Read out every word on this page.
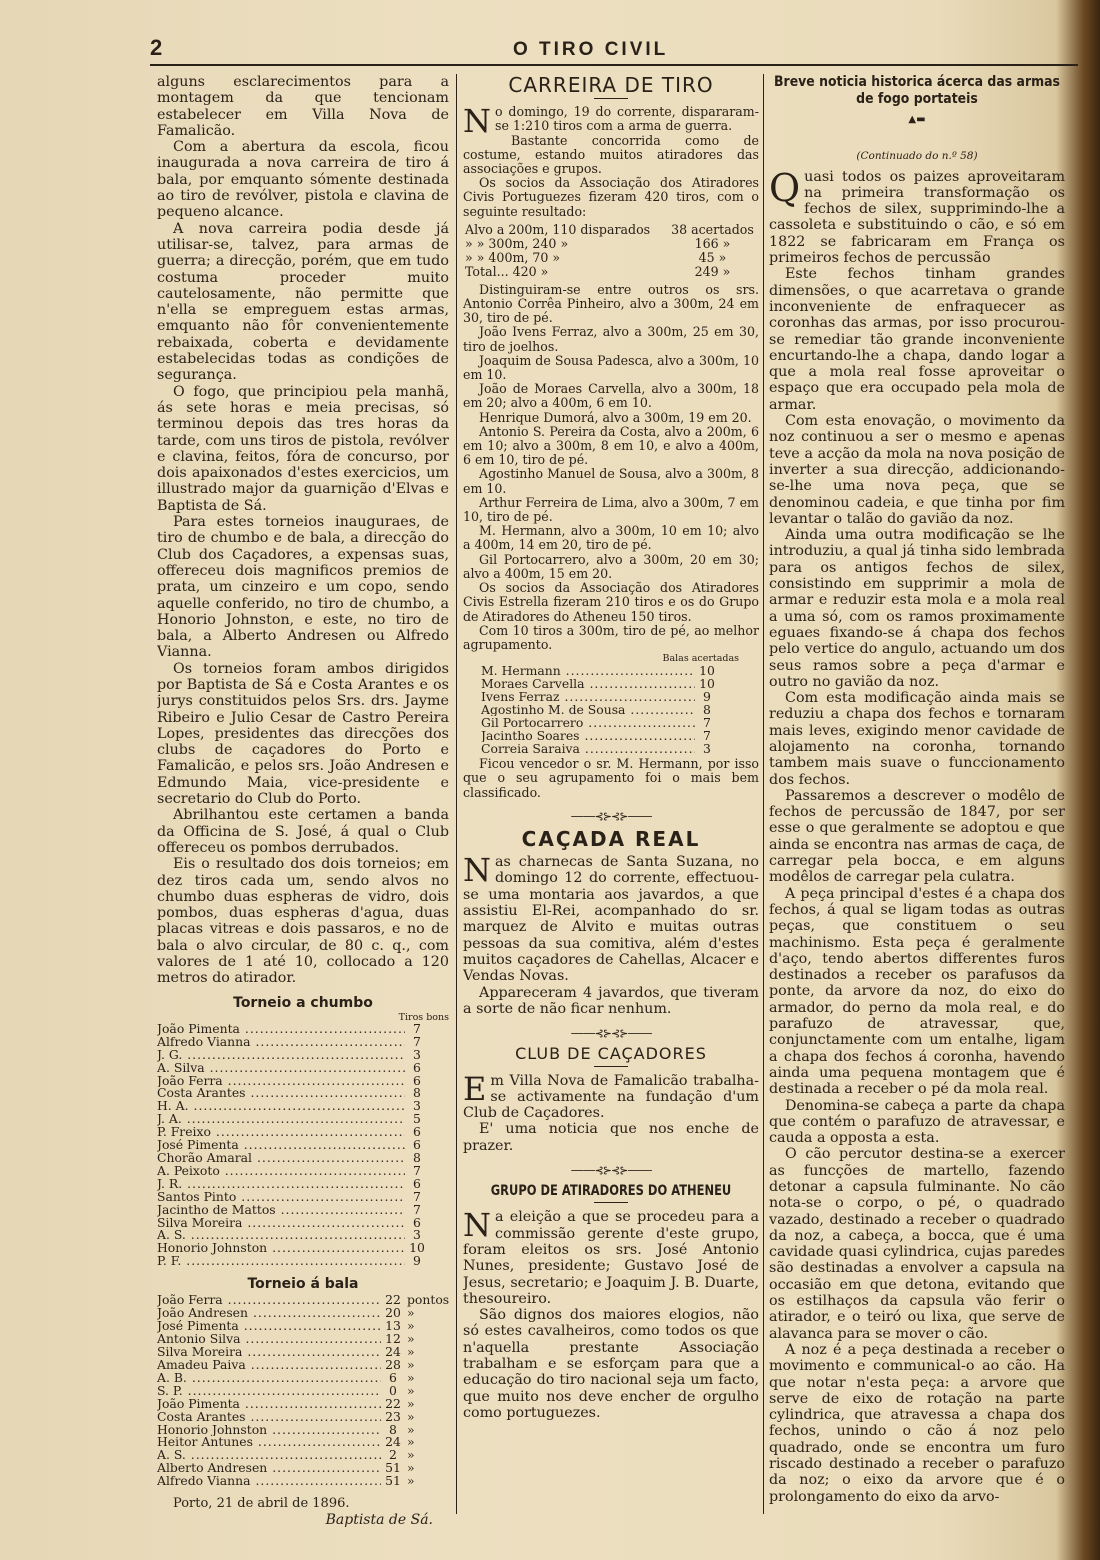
2	O TIRO CIVIL

alguns esclarecimentos para a montagem da que tencionam estabelecer em Villa Nova de Famalicão.

Com a abertura da escola, ficou inaugurada a nova carreira de tiro á bala, por emquanto sómente destinada ao tiro de revólver, pistola e clavina de pequeno alcance.

A nova carreira podia desde já utilisar-se, talvez, para armas de guerra; a direcção, porém, que em tudo costuma proceder muito cautelosamente, não permitte que n'ella se empreguem estas armas, emquanto não fôr convenientemente rebaixada, coberta e devidamente estabelecidas todas as condições de segurança.

O fogo, que principiou pela manhã, ás sete horas e meia precisas, só terminou depois das tres horas da tarde, com uns tiros de pistola, revólver e clavina, feitos, fóra de concurso, por dois apaixonados d'estes exercicios, um illustrado major da guarnição d'Elvas e Baptista de Sá.

Para estes torneios inauguraes, de tiro de chumbo e de bala, a direcção do Club dos Caçadores, a expensas suas, offereceu dois magnificos premios de prata, um cinzeiro e um copo, sendo aquelle conferido, no tiro de chumbo, a Honorio Johnston, e este, no tiro de bala, a Alberto Andresen ou Alfredo Vianna.

Os torneios foram ambos dirigidos por Baptista de Sá e Costa Arantes e os jurys constituidos pelos Srs. drs. Jayme Ribeiro e Julio Cesar de Castro Pereira Lopes, presidentes das direcções dos clubs de caçadores do Porto e Famalicão, e pelos srs. João Andresen e Edmundo Maia, vice-presidente e secretario do Club do Porto.

Abrilhantou este certamen a banda da Officina de S. José, á qual o Club offereceu os pombos derrubados.

Eis o resultado dos dois torneios; em dez tiros cada um, sendo alvos no chumbo duas espheras de vidro, dois pombos, duas espheras d'agua, duas placas vitreas e dois passaros, e no de bala o alvo circular, de 80 c. q., com valores de 1 até 10, collocado a 120 metros do atirador.

Torneio a chumbo
Tiros bons
João Pimenta .....	7
Alfredo Vianna .....	7
J. G. .....	3
A. Silva .....	6
João Ferra .....	6
Costa Arantes .....	8
H. A. .....	3
J. A. .....	5
P. Freixo .....	6
José Pimenta .....	6
Chorão Amaral .....	8
A. Peixoto .....	7
J. R. .....	6
Santos Pinto .....	7
Jacintho de Mattos .....	7
Silva Moreira .....	6
A. S. .....	3
Honorio Johnston .....	10
P. F. .....	9
Torneio á bala
João Ferra .....	22 pontos
João Andresen .....	20 »
José Pimenta .....	13 »
Antonio Silva .....	12 »
Silva Moreira .....	24 »
Amadeu Paiva .....	28 »
A. B. .....	6 »
S. P. .....	0 »
João Pimenta .....	22 »
Costa Arantes .....	23 »
Honorio Johnston .....	8 »
Heitor Antunes .....	24 »
A. S. .....	2 »
Alberto Andresen .....	51 »
Alfredo Vianna .....	51 »
Porto, 21 de abril de 1896.
Baptista de Sá.
CARREIRA DE TIRO

No domingo, 19 do corrente, dispararam-se 1:210 tiros com a arma de guerra.

Bastante concorrida como de costume, estando muitos atiradores das associações e grupos.

Os socios da Associação dos Atiradores Civis Portuguezes fizeram 420 tiros, com o seguinte resultado:

Alvo a 200m, 110 disparados	38 acertados
» » 300m, 240 »	166 »
» » 400m, 70 »	45 »
Total... 420 »	249 »

Distinguiram-se entre outros os srs. Antonio Corrêa Pinheiro, alvo a 300m, 24 em 30, tiro de pé.

João Ivens Ferraz, alvo a 300m, 25 em 30, tiro de joelhos.

Joaquim de Sousa Padesca, alvo a 300m, 10 em 10.

João de Moraes Carvella, alvo a 300m, 18 em 20; alvo a 400m, 6 em 10.

Henrique Dumorá, alvo a 300m, 19 em 20.

Antonio S. Pereira da Costa, alvo a 200m, 6 em 10; alvo a 300m, 8 em 10, e alvo a 400m, 6 em 10, tiro de pé.

Agostinho Manuel de Sousa, alvo a 300m, 8 em 10.

Arthur Ferreira de Lima, alvo a 300m, 7 em 10, tiro de pé.

M. Hermann, alvo a 300m, 10 em 10; alvo a 400m, 14 em 20, tiro de pé.

Gil Portocarrero, alvo a 300m, 20 em 30; alvo a 400m, 15 em 20.

Os socios da Associação dos Atiradores Civis Estrella fizeram 210 tiros e os do Grupo de Atiradores do Atheneu 150 tiros.

Com 10 tiros a 300m, tiro de pé, ao melhor agrupamento.

Balas acertadas
M. Hermann .....	10
Moraes Carvella .....	10
Ivens Ferraz .....	9
Agostinho M. de Sousa .....	8
Gil Portocarrero .....	7
Jacintho Soares .....	7
Correia Saraiva .....	3

Ficou vencedor o sr. M. Hermann, por isso que o seu agrupamento foi o mais bem classificado.

——⊰⊱⊰⊱——
CAÇADA REAL

Nas charnecas de Santa Suzana, no domingo 12 do corrente, effectuou-se uma montaria aos javardos, a que assistiu El-Rei, acompanhado do sr. marquez de Alvito e muitas outras pessoas da sua comitiva, além d'estes muitos caçadores de Cahellas, Alcacer e Vendas Novas.

Appareceram 4 javardos, que tiveram a sorte de não ficar nenhum.

——⊰⊱⊰⊱——
CLUB DE CAÇADORES

Em Villa Nova de Famalicão trabalha-se activamente na fundação d'um Club de Caçadores.

E' uma noticia que nos enche de prazer.

——⊰⊱⊰⊱——
GRUPO DE ATIRADORES DO ATHENEU

Na eleição a que se procedeu para a commissão gerente d'este grupo, foram eleitos os srs. José Antonio Nunes, presidente; Gustavo José de Jesus, secretario; e Joaquim J. B. Duarte, thesoureiro.

São dignos dos maiores elogios, não só estes cavalheiros, como todos os que n'aquella prestante Associação trabalham e se esforçam para que a educação do tiro nacional seja um facto, que muito nos deve encher de orgulho como portuguezes.

Breve noticia historica ácerca das armas de fogo portateis
▲▬
(Continuado do n.º 58)

Quasi todos os paizes aproveitaram na primeira transformação os fechos de silex, supprimindo-lhe a cassoleta e substituindo o cão, e só em 1822 se fabricaram em França os primeiros fechos de percussão

Este fechos tinham grandes dimensões, o que acarretava o grande inconveniente de enfraquecer as coronhas das armas, por isso procurou-se remediar tão grande inconveniente encurtando-lhe a chapa, dando logar a que a mola real fosse aproveitar o espaço que era occupado pela mola de armar.

Com esta enovação, o movimento da noz continuou a ser o mesmo e apenas teve a acção da mola na nova posição de inverter a sua direcção, addicionando-se-lhe uma nova peça, que se denominou cadeia, e que tinha por fim levantar o talão do gavião da noz.

Ainda uma outra modificação se lhe introduziu, a qual já tinha sido lembrada para os antigos fechos de silex, consistindo em supprimir a mola de armar e reduzir esta mola e a mola real a uma só, com os ramos proximamente eguaes fixando-se á chapa dos fechos pelo vertice do angulo, actuando um dos seus ramos sobre a peça d'armar e outro no gavião da noz.

Com esta modificação ainda mais se reduziu a chapa dos fechos e tornaram mais leves, exigindo menor cavidade de alojamento na coronha, tornando tambem mais suave o funccionamento dos fechos.

Passaremos a descrever o modêlo de fechos de percussão de 1847, por ser esse o que geralmente se adoptou e que ainda se encontra nas armas de caça, de carregar pela bocca, e em alguns modêlos de carregar pela culatra.

A peça principal d'estes é a chapa dos fechos, á qual se ligam todas as outras peças, que constituem o seu machinismo. Esta peça é geralmente d'aço, tendo abertos differentes furos destinados a receber os parafusos da ponte, da arvore da noz, do eixo do armador, do perno da mola real, e do parafuzo de atravessar, que, conjunctamente com um entalhe, ligam a chapa dos fechos á coronha, havendo ainda uma pequena montagem que é destinada a receber o pé da mola real.

Denomina-se cabeça a parte da chapa que contém o parafuzo de atravessar, e cauda a opposta a esta.

O cão percutor destina-se a exercer as funcções de martello, fazendo detonar a capsula fulminante. No cão nota-se o corpo, o pé, o quadrado vazado, destinado a receber o quadrado da noz, a cabeça, a bocca, que é uma cavidade quasi cylindrica, cujas paredes são destinadas a envolver a capsula na occasião em que detona, evitando que os estilhaços da capsula vão ferir o atirador, e o teiró ou lixa, que serve de alavanca para se mover o cão.

A noz é a peça destinada a receber o movimento e communical-o ao cão. Ha que notar n'esta peça: a arvore que serve de eixo de rotação na parte cylindrica, que atravessa a chapa dos fechos, unindo o cão á noz pelo quadrado, onde se encontra um furo riscado destinado a receber o parafuzo da noz; o eixo da arvore que é o prolongamento do eixo da arvo-
